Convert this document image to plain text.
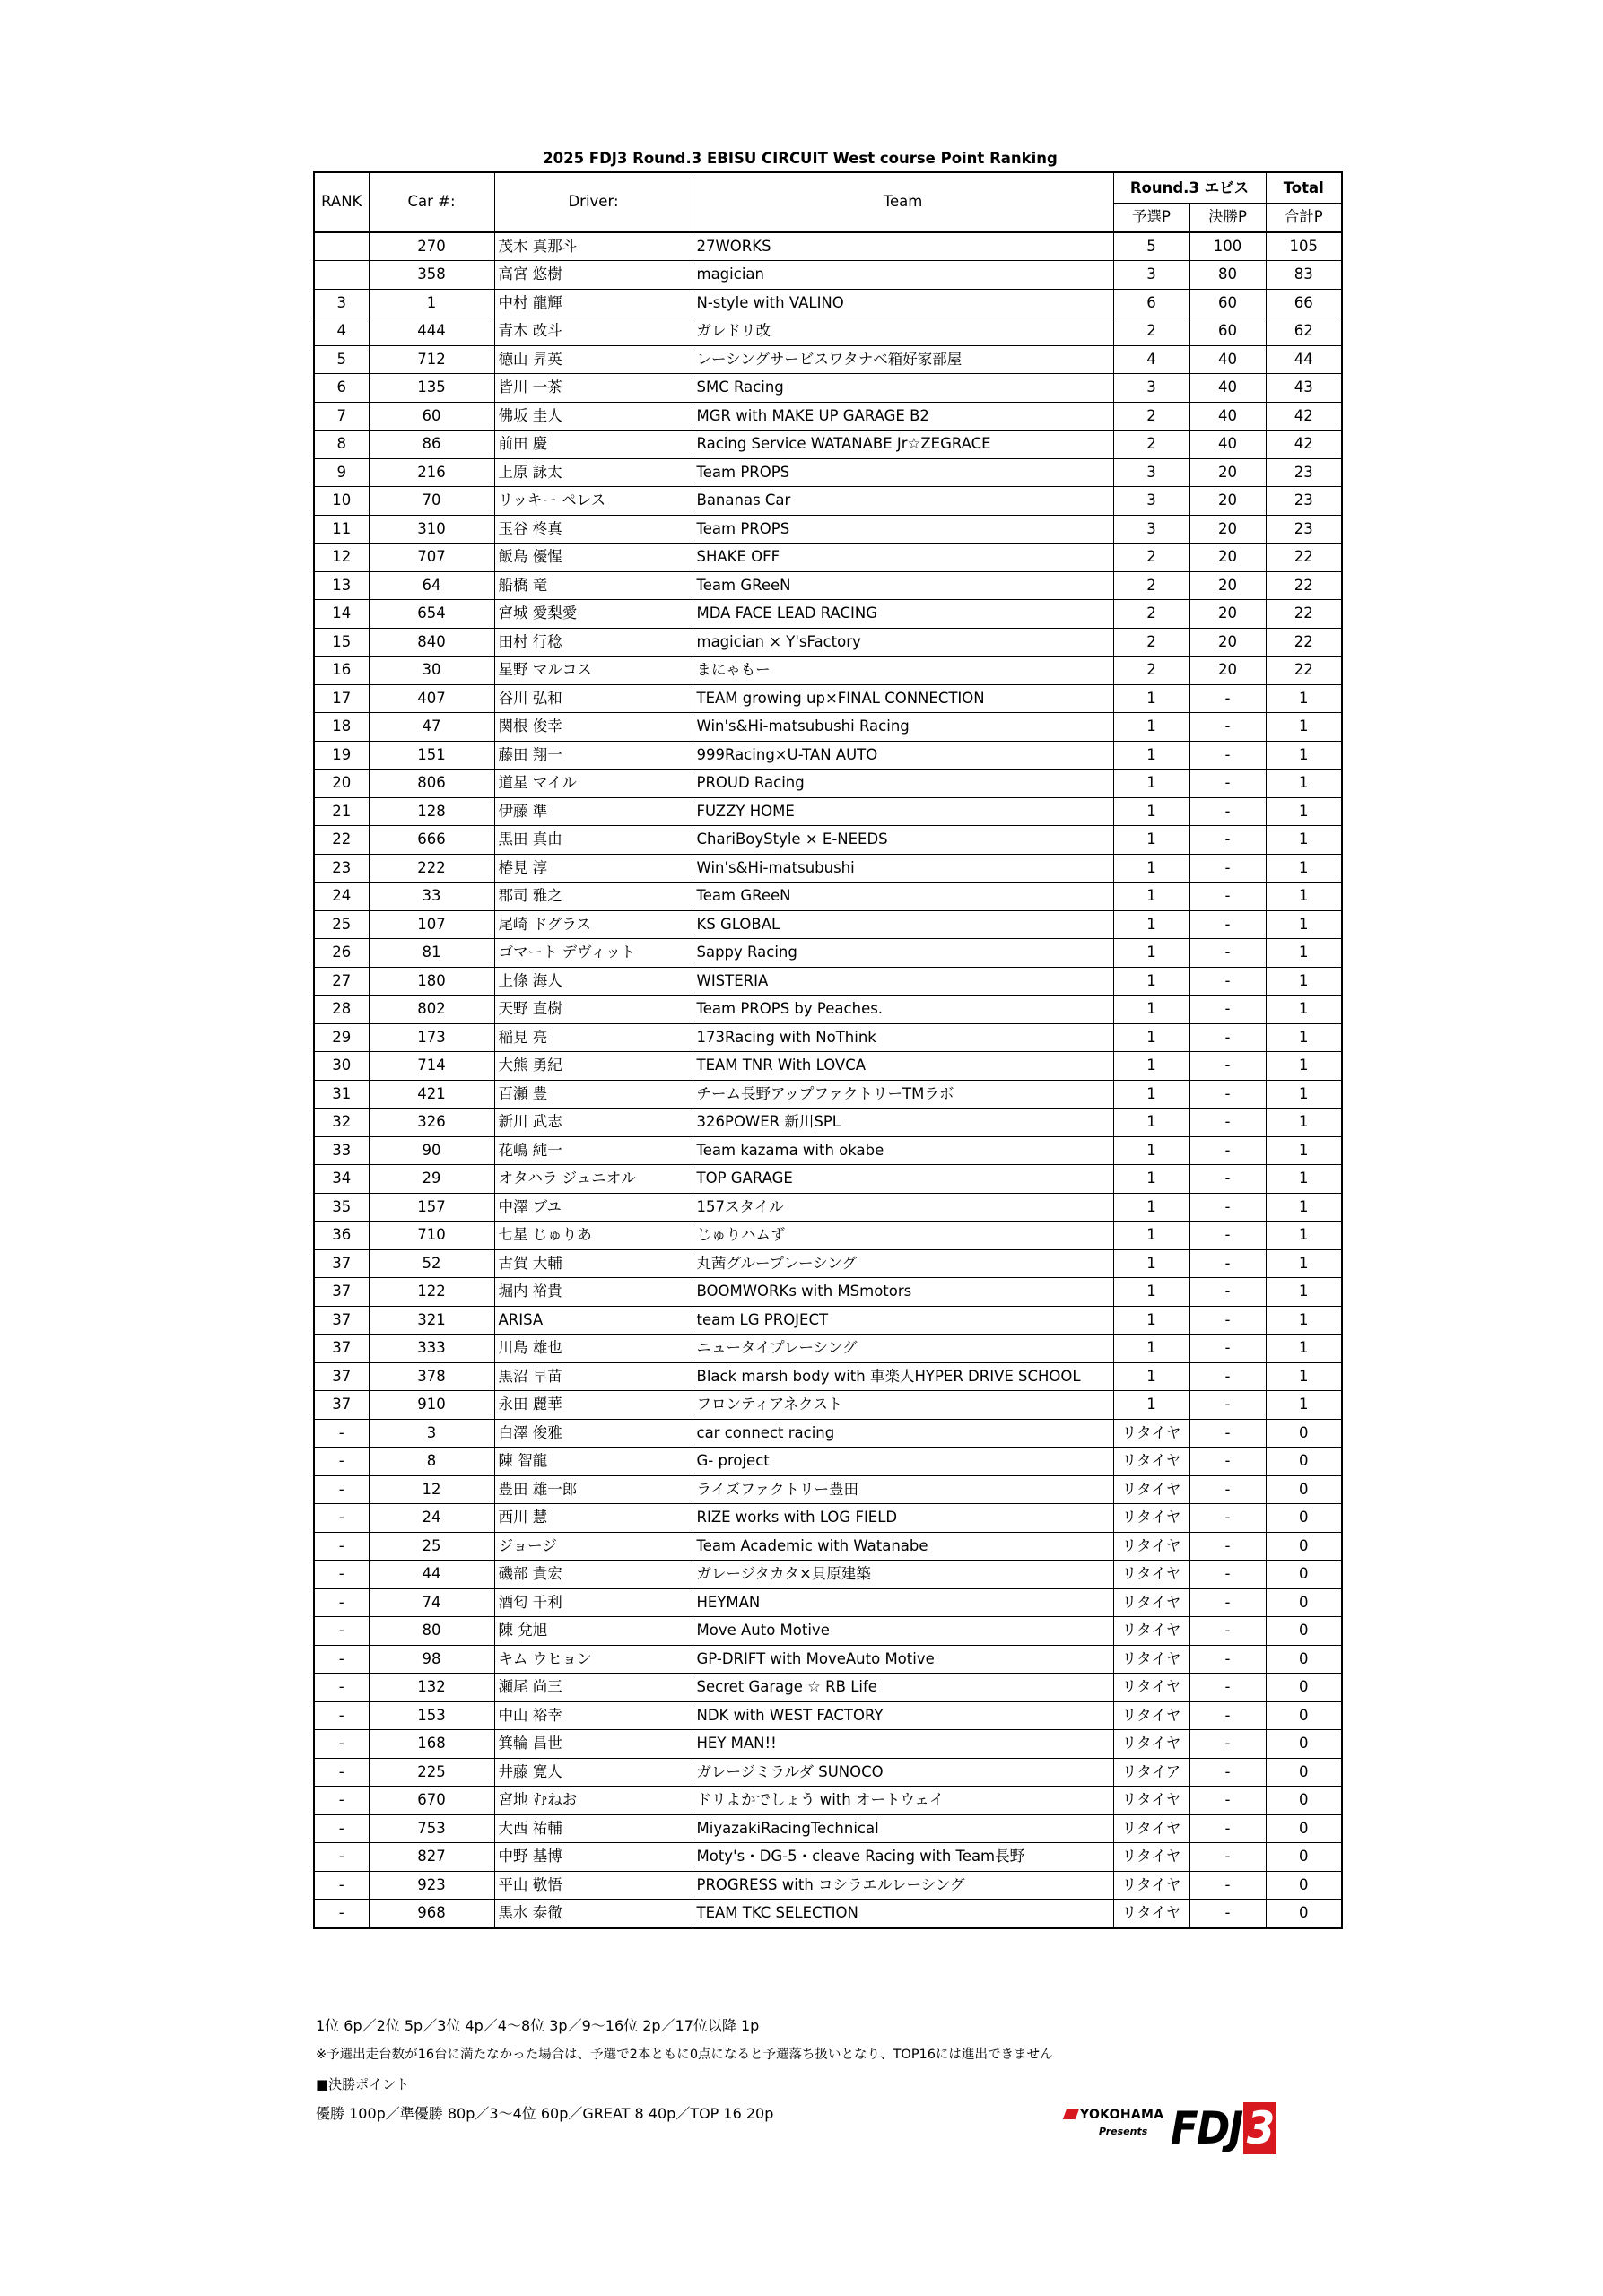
2025 FDJ3 Round.3 EBISU CIRCUIT West course Point Ranking
RANK	Car #:	Driver:	Team	Round.3 エビス		Total
				予選P	決勝P	合計P
	270	茂木 真那斗	27WORKS	5	100	105
	358	高宮 悠樹	magician	3	80	83
3	1	中村 龍輝	N-style with VALINO	6	60	66
4	444	青木 改斗	ガレドリ改	2	60	62
5	712	徳山 昇英	レーシングサービスワタナベ箱好家部屋	4	40	44
6	135	皆川 一茶	SMC Racing	3	40	43
7	60	佛坂 圭人	MGR with MAKE UP GARAGE B2	2	40	42
8	86	前田 慶	Racing Service WATANABE Jr☆ZEGRACE	2	40	42
9	216	上原 詠太	Team PROPS	3	20	23
10	70	リッキー ペレス	Bananas Car	3	20	23
11	310	玉谷 柊真	Team PROPS	3	20	23
12	707	飯島 優惺	SHAKE OFF	2	20	22
13	64	船橋 竜	Team GReeN	2	20	22
14	654	宮城 愛梨愛	MDA FACE LEAD RACING	2	20	22
15	840	田村 行稔	magician × Y'sFactory	2	20	22
16	30	星野 マルコス	まにゃもー	2	20	22
17	407	谷川 弘和	TEAM growing up×FINAL CONNECTION	1	-	1
18	47	関根 俊幸	Win's&Hi-matsubushi Racing	1	-	1
19	151	藤田 翔一	999Racing×U-TAN AUTO	1	-	1
20	806	道星 マイル	PROUD Racing	1	-	1
21	128	伊藤 準	FUZZY HOME	1	-	1
22	666	黒田 真由	ChariBoyStyle × E-NEEDS	1	-	1
23	222	椿見 淳	Win's&Hi-matsubushi	1	-	1
24	33	郡司 雅之	Team GReeN	1	-	1
25	107	尾崎 ドグラス	KS GLOBAL	1	-	1
26	81	ゴマート デヴィット	Sappy Racing	1	-	1
27	180	上條 海人	WISTERIA	1	-	1
28	802	天野 直樹	Team PROPS by Peaches.	1	-	1
29	173	稲見 亮	173Racing with NoThink	1	-	1
30	714	大熊 勇紀	TEAM TNR With LOVCA	1	-	1
31	421	百瀬 豊	チーム長野アップファクトリーTMラボ	1	-	1
32	326	新川 武志	326POWER 新川SPL	1	-	1
33	90	花嶋 純一	Team kazama with okabe	1	-	1
34	29	オタハラ ジュニオル	TOP GARAGE	1	-	1
35	157	中澤 ブユ	157スタイル	1	-	1
36	710	七星 じゅりあ	じゅりハムず	1	-	1
37	52	古賀 大輔	丸茜グループレーシング	1	-	1
37	122	堀内 裕貴	BOOMWORKs with MSmotors	1	-	1
37	321	ARISA	team LG PROJECT	1	-	1
37	333	川島 雄也	ニュータイプレーシング	1	-	1
37	378	黒沼 早苗	Black marsh body with 車楽人HYPER DRIVE SCHOOL	1	-	1
37	910	永田 麗華	フロンティアネクスト	1	-	1
-	3	白澤 俊雅	car connect racing	リタイヤ	-	0
-	8	陳 智龍	G- project	リタイヤ	-	0
-	12	豊田 雄一郎	ライズファクトリー豊田	リタイヤ	-	0
-	24	西川 慧	RIZE works with LOG FIELD	リタイヤ	-	0
-	25	ジョージ	Team Academic with Watanabe	リタイヤ	-	0
-	44	磯部 貴宏	ガレージタカタ×貝原建築	リタイヤ	-	0
-	74	酒匂 千利	HEYMAN	リタイヤ	-	0
-	80	陳 兌旭	Move Auto Motive	リタイヤ	-	0
-	98	キム ウヒョン	GP-DRIFT with MoveAuto Motive	リタイヤ	-	0
-	132	瀬尾 尚三	Secret Garage ☆ RB Life	リタイヤ	-	0
-	153	中山 裕幸	NDK with WEST FACTORY	リタイヤ	-	0
-	168	箕輪 昌世	HEY MAN!!	リタイヤ	-	0
-	225	井藤 寛人	ガレージミラルダ SUNOCO	リタイア	-	0
-	670	宮地 むねお	ドリよかでしょう with オートウェイ	リタイヤ	-	0
-	753	大西 祐輔	MiyazakiRacingTechnical	リタイヤ	-	0
-	827	中野 基博	Moty's・DG-5・cleave Racing with Team長野	リタイヤ	-	0
-	923	平山 敬悟	PROGRESS with コシラエルレーシング	リタイヤ	-	0
-	968	黒水 泰徹	TEAM TKC SELECTION	リタイヤ	-	0
1位 6p／2位 5p／3位 4p／4～8位 3p／9～16位 2p／17位以降 1p
※予選出走台数が16台に満たなかった場合は、予選で2本ともに0点になると予選落ち扱いとなり、TOP16には進出できません
■決勝ポイント
優勝 100p／準優勝 80p／3～4位 60p／GREAT 8 40p／TOP 16 20p	YOKOHAMA
Presents FDJ 3
